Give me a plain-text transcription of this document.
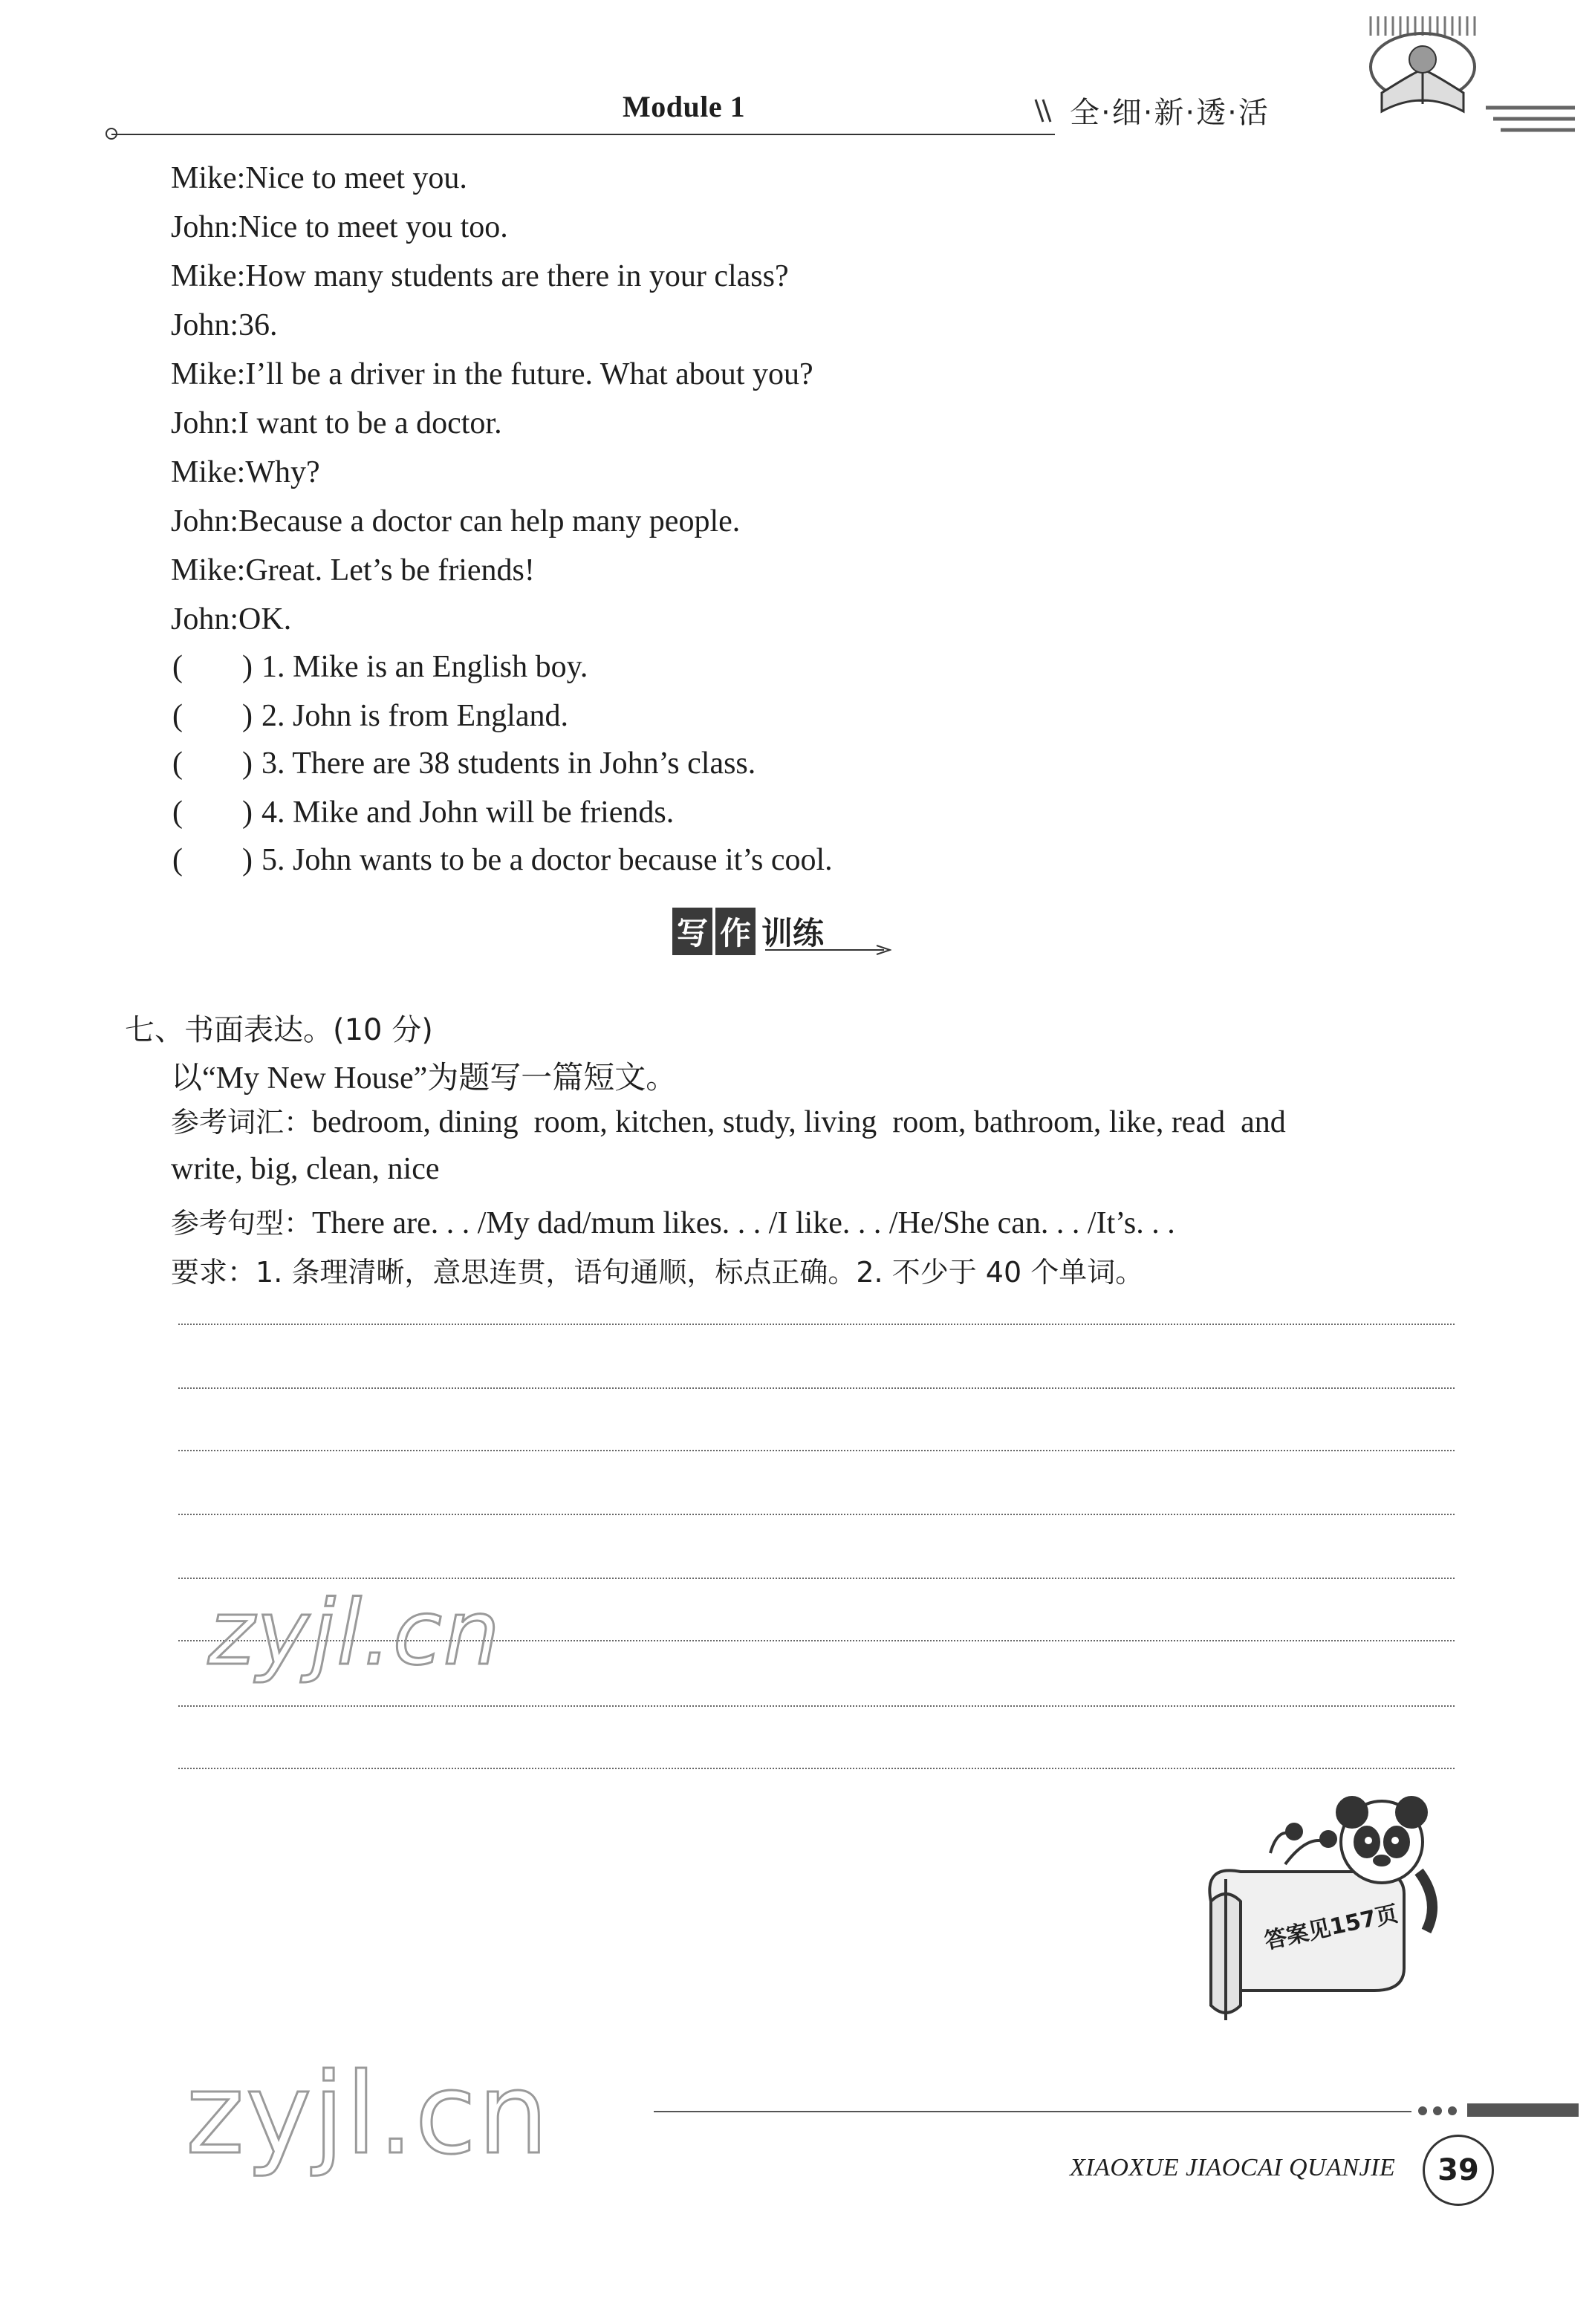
Module 1	全·细·新·透·活
Mike:Nice to meet you.
John:Nice to meet you too.
Mike:How many students are there in your class?
John:36.
Mike:I’ll be a driver in the future. What about you?
John:I want to be a doctor.
Mike:Why?
John:Because a doctor can help many people.
Mike:Great. Let’s be friends!
John:OK.
( ) 1. Mike is an English boy.
( ) 2. John is from England.
( ) 3. There are 38 students in John’s class.
( ) 4. Mike and John will be friends.
( ) 5. John wants to be a doctor because it’s cool.
写 作 训练
七、书面表达。(10 分)
以“My New House”为题写一篇短文。
参考词汇：bedroom, dining  room, kitchen, study, living  room, bathroom, like, read  and
write, big, clean, nice
参考句型：There are. . . /My dad/mum likes. . . /I like. . . /He/She can. . . /It’s. . .
要求：1. 条理清晰，意思连贯，语句通顺，标点正确。2. 不少于 40 个单词。
zyjl.cn
zyjl.cn
答案见157页
XIAOXUE JIAOCAI QUANJIE	39
